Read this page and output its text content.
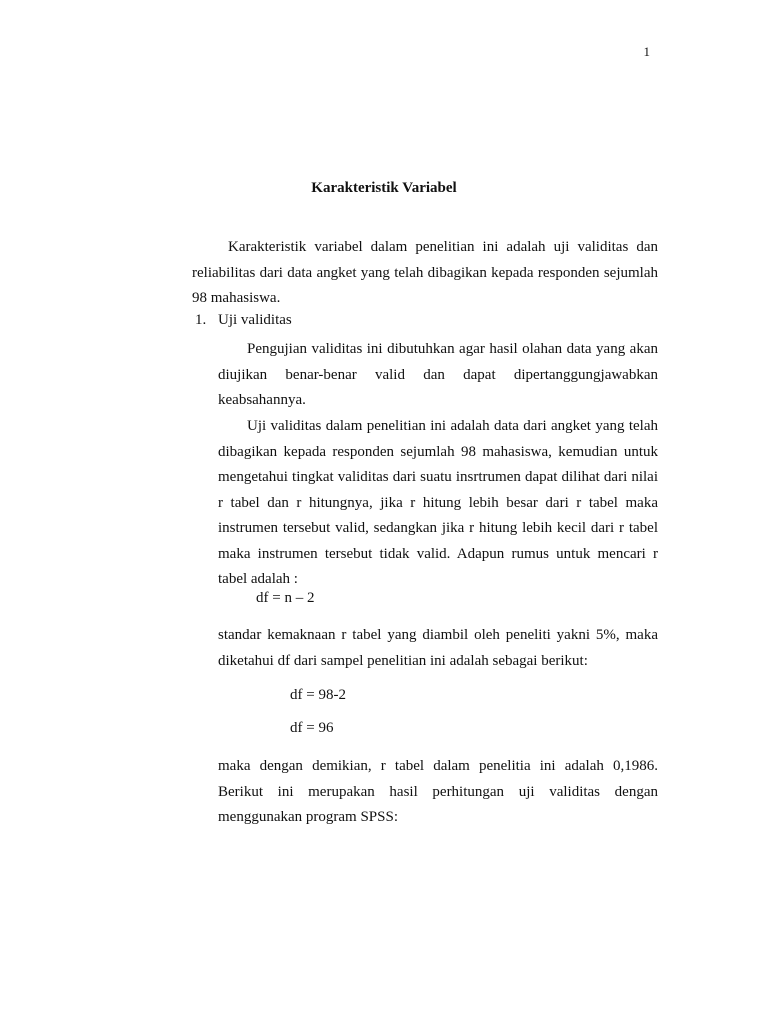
1
Karakteristik Variabel

Karakteristik variabel dalam penelitian ini adalah uji validitas dan reliabilitas dari data angket yang telah dibagikan kepada responden sejumlah 98 mahasiswa.

1. Uji validitas

Pengujian validitas ini dibutuhkan agar hasil olahan data yang akan diujikan benar-benar valid dan dapat dipertanggungjawabkan keabsahannya.

Uji validitas dalam penelitian ini adalah data dari angket yang telah dibagikan kepada responden sejumlah 98 mahasiswa, kemudian untuk mengetahui tingkat validitas dari suatu insrtrumen dapat dilihat dari nilai r tabel dan r hitungnya, jika r hitung lebih besar dari r tabel maka instrumen tersebut valid, sedangkan jika r hitung lebih kecil dari r tabel maka instrumen tersebut tidak valid. Adapun rumus untuk mencari r tabel adalah :

df = n – 2

standar kemaknaan r tabel yang diambil oleh peneliti yakni 5%, maka diketahui df dari sampel penelitian ini adalah sebagai berikut:

df = 98-2
df = 96

maka dengan demikian, r tabel dalam penelitia ini adalah 0,1986. Berikut ini merupakan hasil perhitungan uji validitas dengan menggunakan program SPSS:
